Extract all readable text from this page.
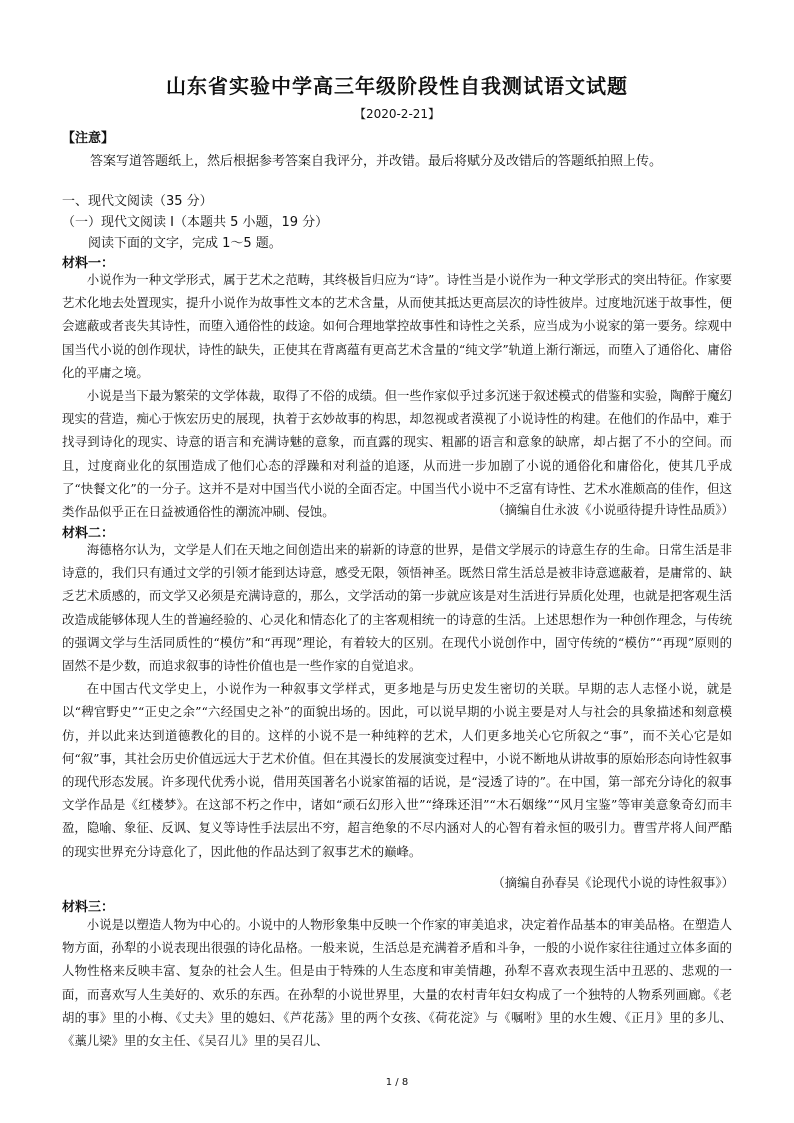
山东省实验中学高三年级阶段性自我测试语文试题
【2020-2-21】
【注意】
答案写道答题纸上，然后根据参考答案自我评分，并改错。最后将赋分及改错后的答题纸拍照上传。
一、现代文阅读（35 分）
（一）现代文阅读 I（本题共 5 小题，19 分）
阅读下面的文字，完成 1～5 题。
材料一：

小说作为一种文学形式，属于艺术之范畴，其终极旨归应为“诗”。诗性当是小说作为一种文学形式的突出特征。作家要艺术化地去处置现实，提升小说作为故事性文本的艺术含量，从而使其抵达更高层次的诗性彼岸。过度地沉迷于故事性，便会遮蔽或者丧失其诗性，而堕入通俗性的歧途。如何合理地掌控故事性和诗性之关系，应当成为小说家的第一要务。综观中国当代小说的创作现状，诗性的缺失，正使其在背离蕴有更高艺术含量的“纯文学”轨道上渐行渐远，而堕入了通俗化、庸俗化的平庸之境。

小说是当下最为繁荣的文学体裁，取得了不俗的成绩。但一些作家似乎过多沉迷于叙述模式的借鉴和实验，陶醉于魔幻现实的营造，痴心于恢宏历史的展现，执着于玄妙故事的构思，却忽视或者漠视了小说诗性的构建。在他们的作品中，难于找寻到诗化的现实、诗意的语言和充满诗魅的意象，而直露的现实、粗鄙的语言和意象的缺席，却占据了不小的空间。而且，过度商业化的氛围造成了他们心态的浮躁和对利益的追逐，从而进一步加剧了小说的通俗化和庸俗化，使其几乎成了“快餐文化”的一分子。这并不是对中国当代小说的全面否定。中国当代小说中不乏富有诗性、艺术水准颇高的佳作，但这类作品似乎正在日益被通俗性的潮流冲刷、侵蚀。	（摘编自仕永波《小说亟待提升诗性品质》）
材料二：

海德格尔认为，文学是人们在天地之间创造出来的崭新的诗意的世界，是借文学展示的诗意生存的生命。日常生活是非诗意的，我们只有通过文学的引领才能到达诗意，感受无限，领悟神圣。既然日常生活总是被非诗意遮蔽着，是庸常的、缺乏艺术质感的，而文学又必须是充满诗意的，那么，文学活动的第一步就应该是对生活进行异质化处理，也就是把客观生活改造成能够体现人生的普遍经验的、心灵化和情态化了的主客观相统一的诗意的生活。上述思想作为一种创作理念，与传统的强调文学与生活同质性的“模仿”和“再现”理论，有着较大的区别。在现代小说创作中，固守传统的“模仿”“再现”原则的固然不是少数，而追求叙事的诗性价值也是一些作家的自觉追求。

在中国古代文学史上，小说作为一种叙事文学样式，更多地是与历史发生密切的关联。早期的志人志怪小说，就是以“稗官野史”“正史之余”“六经国史之补”的面貌出场的。因此，可以说早期的小说主要是对人与社会的具象描述和刻意模仿，并以此来达到道德教化的目的。这样的小说不是一种纯粹的艺术，人们更多地关心它所叙之“事”，而不关心它是如何“叙”事，其社会历史价值远远大于艺术价值。但在其漫长的发展演变过程中，小说不断地从讲故事的原始形态向诗性叙事的现代形态发展。许多现代优秀小说，借用英国著名小说家笛福的话说，是“浸透了诗的”。在中国，第一部充分诗化的叙事文学作品是《红楼梦》。在这部不朽之作中，诸如“顽石幻形入世”“绛珠还泪”“木石姻缘”“风月宝鉴”等审美意象奇幻而丰盈，隐喻、象征、反讽、复义等诗性手法层出不穷，超言绝象的不尽内涵对人的心智有着永恒的吸引力。曹雪芹将人间严酷的现实世界充分诗意化了，因此他的作品达到了叙事艺术的巅峰。

（摘编自孙春吴《论现代小说的诗性叙事》）
材料三：

小说是以塑造人物为中心的。小说中的人物形象集中反映一个作家的审美追求，决定着作品基本的审美品格。在塑造人物方面，孙犁的小说表现出很强的诗化品格。一般来说，生活总是充满着矛盾和斗争，一般的小说作家往往通过立体多面的人物性格来反映丰富、复杂的社会人生。但是由于特殊的人生态度和审美情趣，孙犁不喜欢表现生活中丑恶的、悲观的一面，而喜欢写人生美好的、欢乐的东西。在孙犁的小说世界里，大量的农村青年妇女构成了一个独特的人物系列画廊。《老胡的事》里的小梅、《丈夫》里的媳妇、《芦花荡》里的两个女孩、《荷花淀》与《嘱咐》里的水生嫂、《正月》里的多儿、《藁儿梁》里的女主任、《吴召儿》里的吴召儿、

1 / 8
